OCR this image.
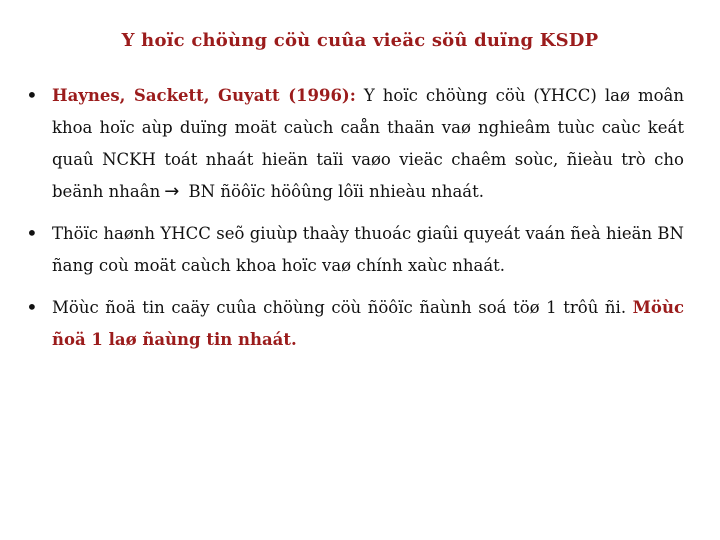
Y hoïc chöùng cöù cuûa vieäc söû duïng KSDP
• Haynes, Sackett, Guyatt (1996): Y hoïc chöùng cöù (YHCC) laø moân khoa hoïc aùp duïng moät caùch caån thaän vaø nghieâm tuùc caùc keát quaû NCKH toát nhaát hieän taïi vaøo vieäc chaêm soùc, ñieàu trò cho beänh nhaân → BN ñöôïc höôûng lôïi nhieàu nhaát.
• Thöïc haønh YHCC seõ giuùp thaày thuoác giaûi quyeát vaán ñeà hieän BN ñang coù moät caùch khoa hoïc vaø chính xaùc nhaát.
• Möùc ñoä tin caäy cuûa chöùng cöù ñöôïc ñaùnh soá töø 1 trôû ñi. Möùc ñoä 1 laø ñaùng tin nhaát.
